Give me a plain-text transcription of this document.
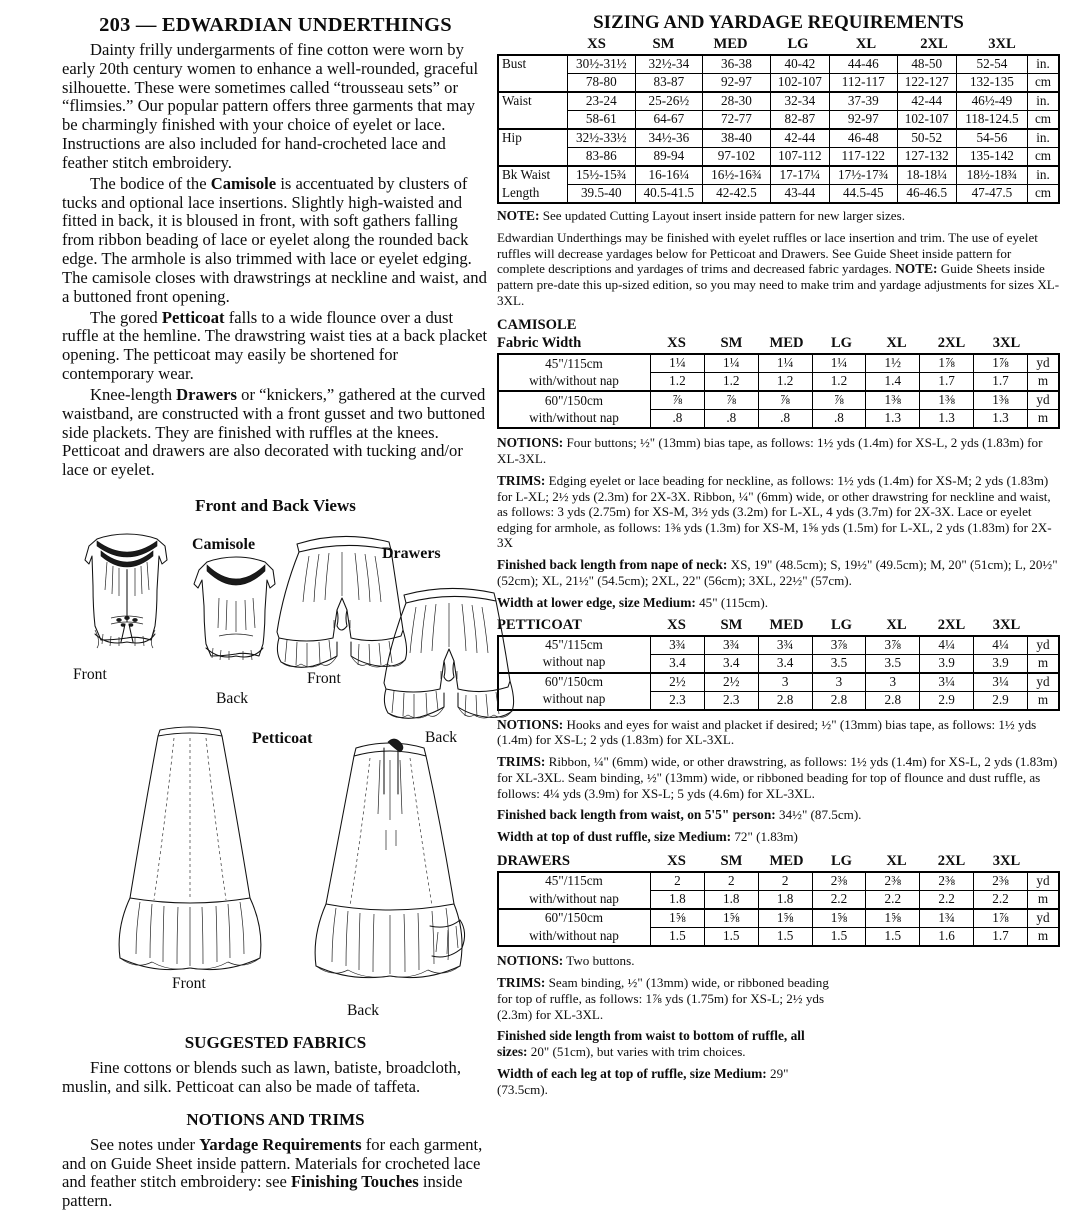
203 — EDWARDIAN UNDERTHINGS

Dainty frilly undergarments of fine cotton were worn by early 20th century women to enhance a well-rounded, graceful silhouette. These were sometimes called “trousseau sets” or “flimsies.” Our popular pattern offers three garments that may be charmingly finished with your choice of eyelet or lace. Instructions are also included for hand-crocheted lace and feather stitch embroidery.

The bodice of the Camisole is accentuated by clusters of tucks and optional lace insertions. Slightly high-waisted and fitted in back, it is bloused in front, with soft gathers falling from ribbon beading of lace or eyelet along the rounded back edge. The armhole is also trimmed with lace or eyelet edging. The camisole closes with drawstrings at neckline and waist, and a buttoned front opening.

The gored Petticoat falls to a wide flounce over a dust ruffle at the hemline. The drawstring waist ties at a back placket opening. The petticoat may easily be shortened for contemporary wear.

Knee-length Drawers or “knickers,” gathered at the curved waistband, are constructed with a front gusset and two buttoned side plackets. They are finished with ruffles at the knees. Petticoat and drawers are also decorated with tucking and/or lace or eyelet.

Front and Back Views
Camisole
Front
Back
Drawers
Front
Back
Petticoat
Front
Back
SUGGESTED FABRICS

Fine cottons or blends such as lawn, batiste, broadcloth, muslin, and silk. Petticoat can also be made of taffeta.

NOTIONS AND TRIMS

See notes under Yardage Requirements for each garment, and on Guide Sheet inside pattern. Materials for crocheted lace and feather stitch embroidery: see Finishing Touches inside pattern.

SIZING AND YARDAGE REQUIREMENTS
XS	SM	MED	LG	XL	2XL	3XL
Bust	30½-31½	32½-34	36-38	40-42	44-46	48-50	52-54	in.
	78-80	83-87	92-97	102-107	112-117	122-127	132-135	cm
Waist	23-24	25-26½	28-30	32-34	37-39	42-44	46½-49	in.
	58-61	64-67	72-77	82-87	92-97	102-107	118-124.5	cm
Hip	32½-33½	34½-36	38-40	42-44	46-48	50-52	54-56	in.
	83-86	89-94	97-102	107-112	117-122	127-132	135-142	cm
Bk Waist	15½-15¾	16-16¼	16½-16¾	17-17¼	17½-17¾	18-18¼	18½-18¾	in.
Length	39.5-40	40.5-41.5	42-42.5	43-44	44.5-45	46-46.5	47-47.5	cm

NOTE: See updated Cutting Layout insert inside pattern for new larger sizes.

Edwardian Underthings may be finished with eyelet ruffles or lace insertion and trim. The use of eyelet ruffles will decrease yardages below for Petticoat and Drawers. See Guide Sheet inside pattern for complete descriptions and yardages of trims and decreased fabric yardages. NOTE: Guide Sheets inside pattern pre-date this up-sized edition, so you may need to make trim and yardage adjustments for sizes XL-3XL.

CAMISOLE
Fabric Width	XS	SM	MED	LG	XL	2XL	3XL
45"/115cm	1¼	1¼	1¼	1¼	1½	1⅞	1⅞	yd
with/without nap	1.2	1.2	1.2	1.2	1.4	1.7	1.7	m
60"/150cm	⅞	⅞	⅞	⅞	1⅜	1⅜	1⅜	yd
with/without nap	.8	.8	.8	.8	1.3	1.3	1.3	m

NOTIONS: Four buttons; ½" (13mm) bias tape, as follows: 1½ yds (1.4m) for XS-L, 2 yds (1.83m) for XL-3XL.

TRIMS: Edging eyelet or lace beading for neckline, as follows: 1½ yds (1.4m) for XS-M; 2 yds (1.83m) for L-XL; 2½ yds (2.3m) for 2X-3X. Ribbon, ¼" (6mm) wide, or other drawstring for neckline and waist, as follows: 3 yds (2.75m) for XS-M, 3½ yds (3.2m) for L-XL, 4 yds (3.7m) for 2X-3X. Lace or eyelet edging for armhole, as follows: 1⅜ yds (1.3m) for XS-M, 1⅝ yds (1.5m) for L-XL, 2 yds (1.83m) for 2X-3X

Finished back length from nape of neck: XS, 19" (48.5cm); S, 19½" (49.5cm); M, 20" (51cm); L, 20½" (52cm); XL, 21½" (54.5cm); 2XL, 22" (56cm); 3XL, 22½" (57cm).

Width at lower edge, size Medium: 45" (115cm).

PETTICOAT	XS	SM	MED	LG	XL	2XL	3XL
45"/115cm	3¾	3¾	3¾	3⅞	3⅞	4¼	4¼	yd
without nap	3.4	3.4	3.4	3.5	3.5	3.9	3.9	m
60"/150cm	2½	2½	3	3	3	3¼	3¼	yd
without nap	2.3	2.3	2.8	2.8	2.8	2.9	2.9	m

NOTIONS: Hooks and eyes for waist and placket if desired; ½" (13mm) bias tape, as follows: 1½ yds (1.4m) for XS-L; 2 yds (1.83m) for XL-3XL.

TRIMS: Ribbon, ¼" (6mm) wide, or other drawstring, as follows: 1½ yds (1.4m) for XS-L, 2 yds (1.83m) for XL-3XL. Seam binding, ½" (13mm) wide, or ribboned beading for top of flounce and dust ruffle, as follows: 4¼ yds (3.9m) for XS-L; 5 yds (4.6m) for XL-3XL.

Finished back length from waist, on 5'5" person: 34½" (87.5cm).

Width at top of dust ruffle, size Medium: 72" (1.83m)

DRAWERS	XS	SM	MED	LG	XL	2XL	3XL
45"/115cm	2	2	2	2⅜	2⅜	2⅜	2⅜	yd
with/without nap	1.8	1.8	1.8	2.2	2.2	2.2	2.2	m
60"/150cm	1⅝	1⅝	1⅝	1⅝	1⅝	1¾	1⅞	yd
with/without nap	1.5	1.5	1.5	1.5	1.5	1.6	1.7	m

NOTIONS: Two buttons.

TRIMS: Seam binding, ½" (13mm) wide, or ribboned beading for top of ruffle, as follows: 1⅞ yds (1.75m) for XS-L; 2½ yds (2.3m) for XL-3XL.

Finished side length from waist to bottom of ruffle, all sizes: 20" (51cm), but varies with trim choices.

Width of each leg at top of ruffle, size Medium: 29" (73.5cm).
